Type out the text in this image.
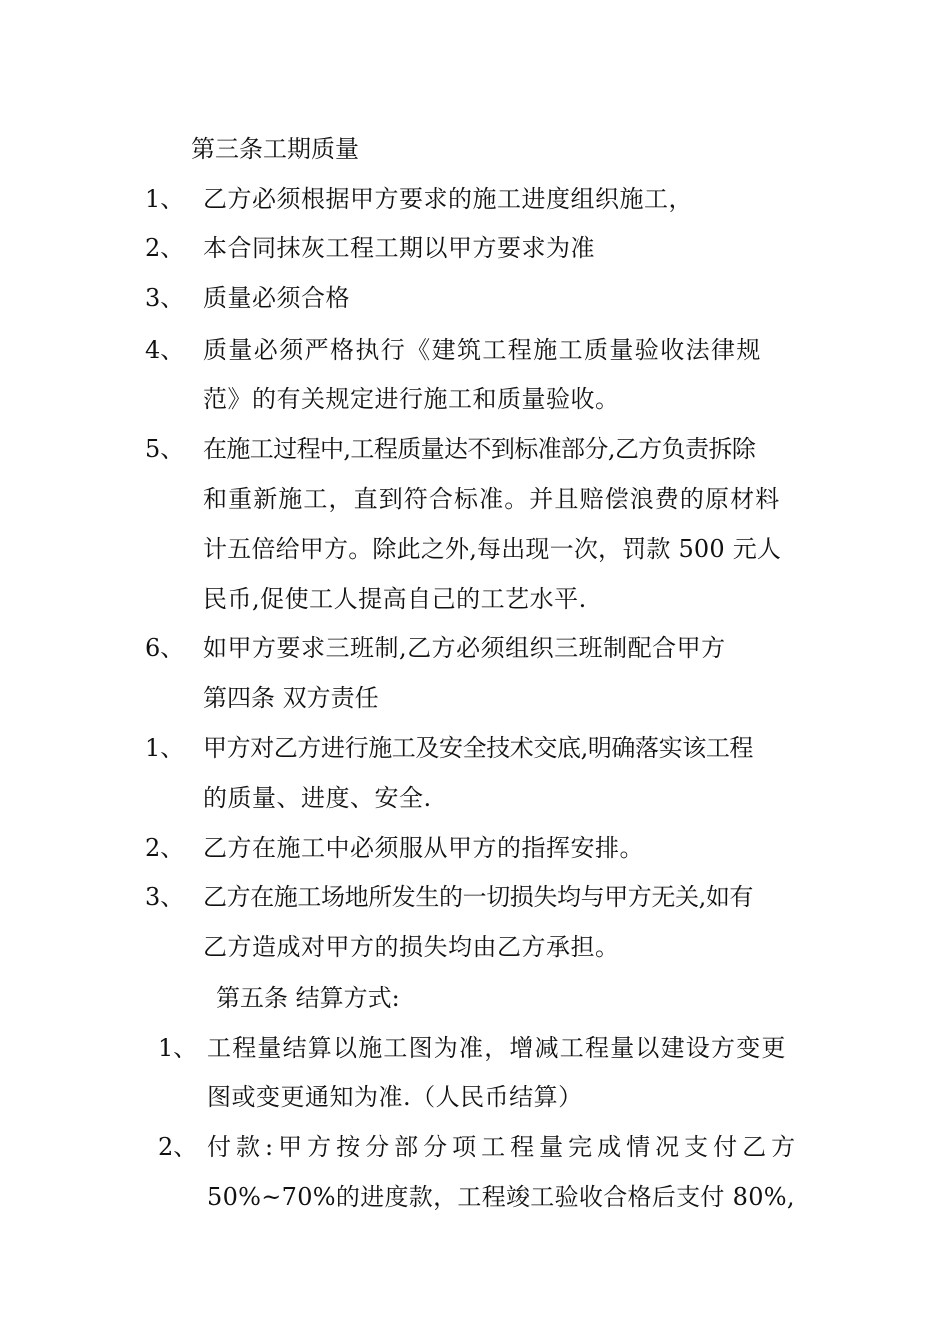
第三条工期质量
1、 乙方必须根据甲方要求的施工进度组织施工，
2、 本合同抹灰工程工期以甲方要求为准
3、 质量必须合格
4、 质量必须严格执行《建筑工程施工质量验收法律规
范》的有关规定进行施工和质量验收。
5、 在施工过程中,工程质量达不到标准部分,乙方负责拆除
和重新施工，直到符合标准。并且赔偿浪费的原材料
计五倍给甲方。除此之外,每出现一次，罚款 500 元人
民币,促使工人提高自己的工艺水平.
6、 如甲方要求三班制,乙方必须组织三班制配合甲方
第四条 双方责任
1、 甲方对乙方进行施工及安全技术交底,明确落实该工程
的质量、进度、安全.
2、 乙方在施工中必须服从甲方的指挥安排。
3、 乙方在施工场地所发生的一切损失均与甲方无关,如有
乙方造成对甲方的损失均由乙方承担。
第五条 结算方式:
1、 工程量结算以施工图为准，增减工程量以建设方变更
图或变更通知为准.（人民币结算）
2、 付款:甲方按分部分项工程量完成情况支付乙方
50%~70%的进度款，工程竣工验收合格后支付 80%,
